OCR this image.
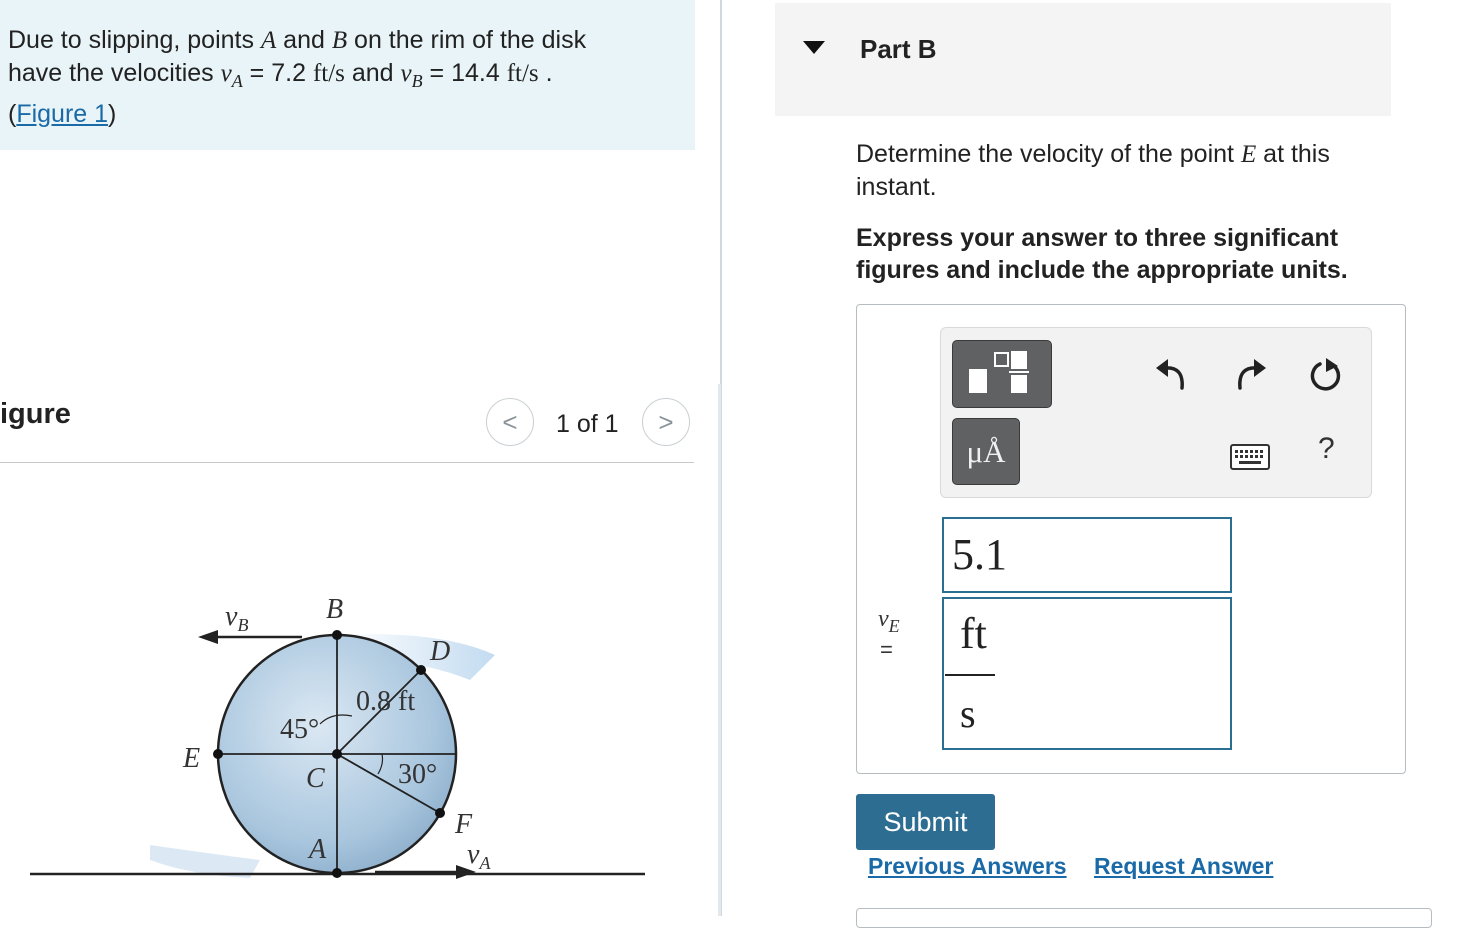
Due to slipping, points A and B on the rim of the disk
have the velocities $v_A = 7.2$ ft/s and $v_B = 14.4$ ft/s .
(Figure 1)
igure	< 1 of 1 >
$v_B$	B
D
0.8 ft
45°
E
C	30°
F
A	$v_A$
Part B
Determine the velocity of the point E at this instant.
Express your answer to three significant figures and include the appropriate units.
μÅ	?
$v_E$
=
5.1
ft
s
Submit
Previous Answers Request Answer
